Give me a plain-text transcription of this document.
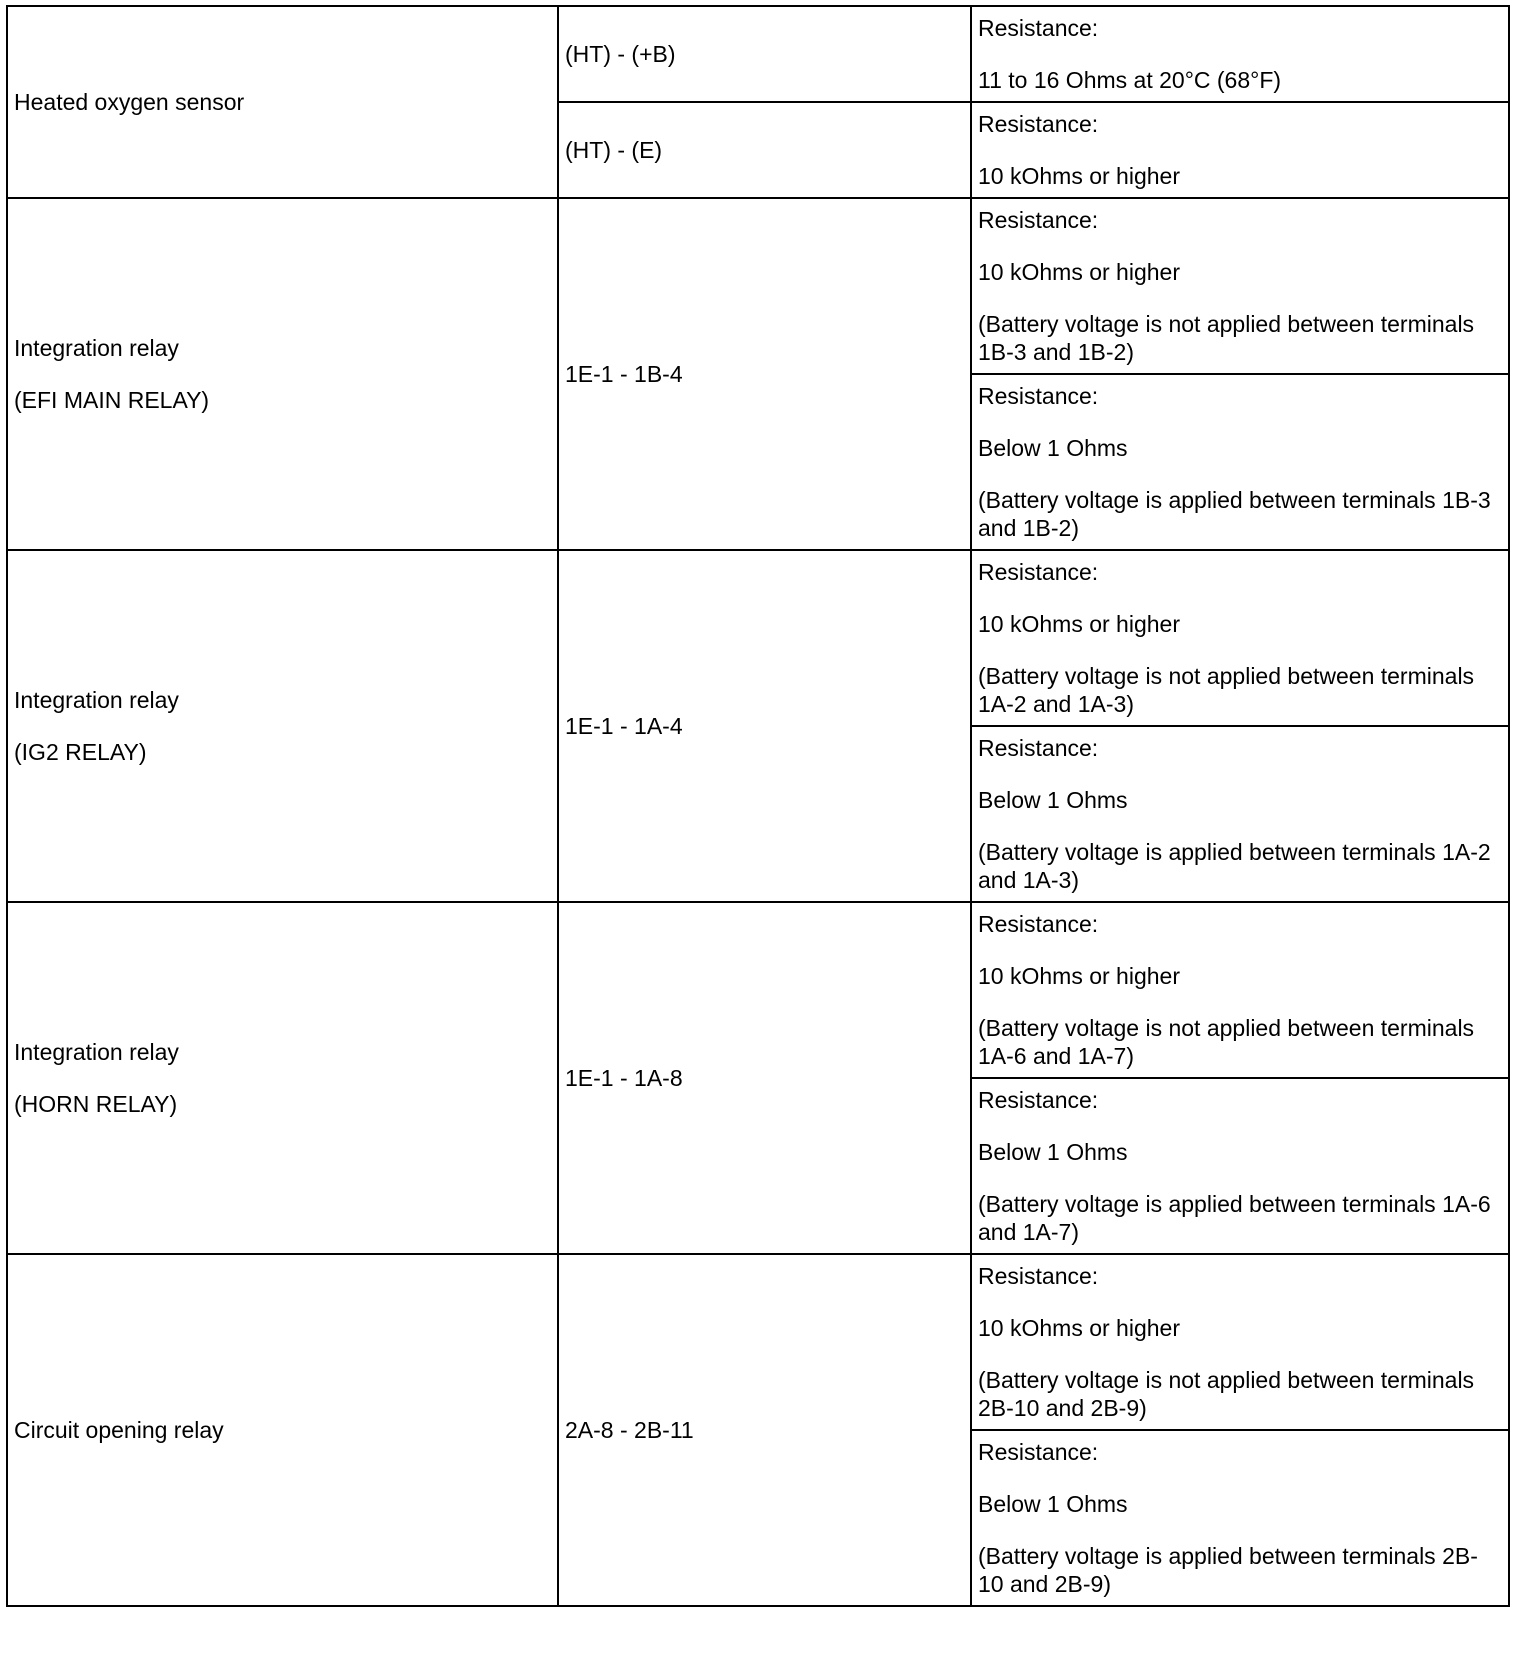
Heated oxygen sensor	(HT) - (+B)	Resistance:
11 to 16 Ohms at 20°C (68°F)

	(HT) - (E)	Resistance:
10 kOhms or higher

Integration relay
(EFI MAIN RELAY)	1E-1 - 1B-4	Resistance:
10 kOhms or higher
(Battery voltage is not applied between terminals 1B-3 and 1B-2)

		Resistance:
Below 1 Ohms
(Battery voltage is applied between terminals 1B-3 and 1B-2)

Integration relay
(IG2 RELAY)	1E-1 - 1A-4	Resistance:
10 kOhms or higher
(Battery voltage is not applied between terminals 1A-2 and 1A-3)

		Resistance:
Below 1 Ohms
(Battery voltage is applied between terminals 1A-2 and 1A-3)

Integration relay
(HORN RELAY)	1E-1 - 1A-8	Resistance:
10 kOhms or higher
(Battery voltage is not applied between terminals 1A-6 and 1A-7)

		Resistance:
Below 1 Ohms
(Battery voltage is applied between terminals 1A-6 and 1A-7)

Circuit opening relay	2A-8 - 2B-11	Resistance:
10 kOhms or higher
(Battery voltage is not applied between terminals 2B-10 and 2B-9)

		Resistance:
Below 1 Ohms
(Battery voltage is applied between terminals 2B-10 and 2B-9)
